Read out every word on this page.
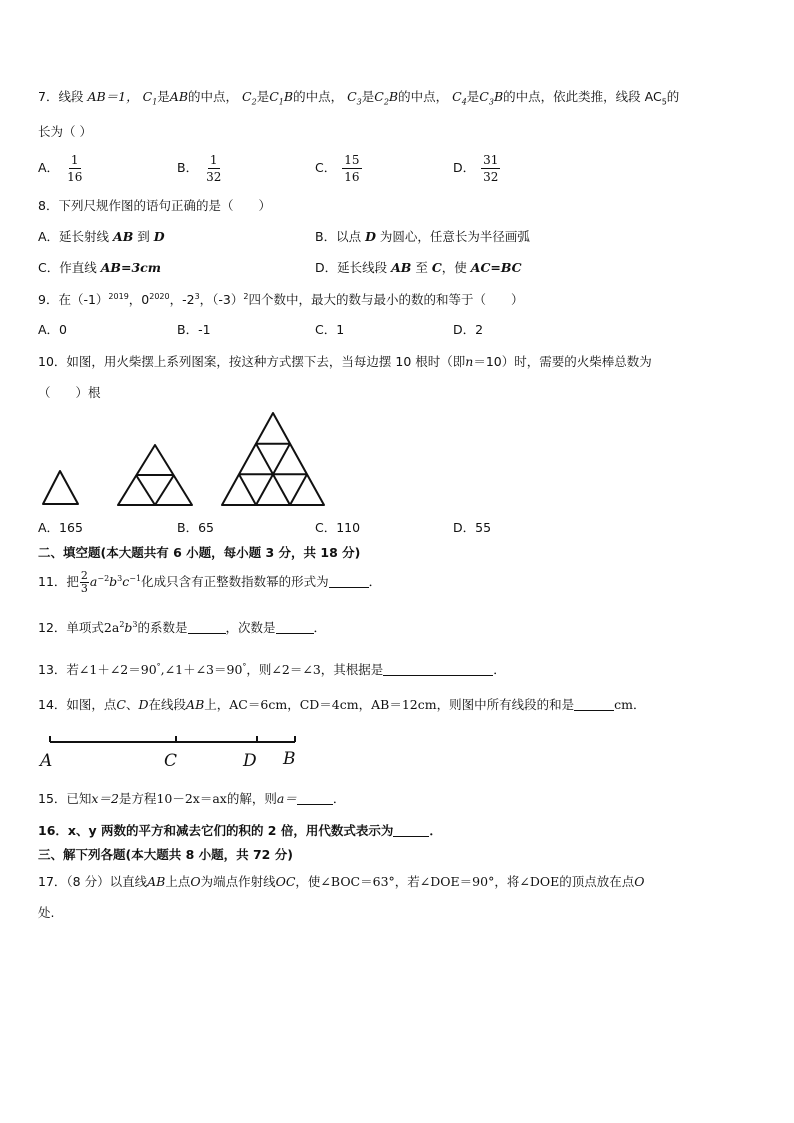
7．线段 AB＝1， $C_1$是AB的中点， $C_2$是$C_1B$的中点， $C_3$是$C_2B$的中点， $C_4$是$C_3B$的中点，依此类推，线段 $AC_5$的
长为（ ）
A． $\frac{1}{16}$	B． $\frac{1}{32}$	C． $\frac{15}{16}$	D． $\frac{31}{32}$
8．下列尺规作图的语句正确的是（　　）
A．延长射线 AB 到 D	B．以点 D 为圆心，任意长为半径画弧
C．作直线 AB=3cm	D．延长线段 AB 至 C，使 AC=BC
9．在$(-1)^{2019}$，$0^{2020}$，$-2^3$，$(-3)^2$四个数中，最大的数与最小的数的和等于（　　）
A．0	B．-1	C．1	D．2
10．如图，用火柴摆上系列图案，按这种方式摆下去，当每边摆 10 根时（即n＝10）时，需要的火柴棒总数为
（　　）根
A．165	B．65	C．110	D．55
二、填空题(本大题共有 6 小题，每小题 3 分，共 18 分)
11．把 $\frac{2}{3} a^{-2}b^3c^{-1}$化成只含有正整数指数幂的形式为	．
12．单项式$2a^2b^3$的系数是	，次数是	．
13．若∠1＋∠2＝90°,∠1＋∠3＝90°，则∠2＝∠3，其根据是	．
14．如图，点C、D在线段AB上，AC＝6cm，CD＝4cm，AB＝12cm，则图中所有线段的和是	cm．
A	C	D B
15．已知x＝2是方程10－2x＝ax的解，则a＝	．
16．x、y 两数的平方和减去它们的积的 2 倍，用代数式表示为	．
三、解下列各题(本大题共 8 小题，共 72 分)
17．（8 分）以直线AB上点O为端点作射线OC，使∠BOC＝63°，若∠DOE＝90°，将∠DOE的顶点放在点O
处.
